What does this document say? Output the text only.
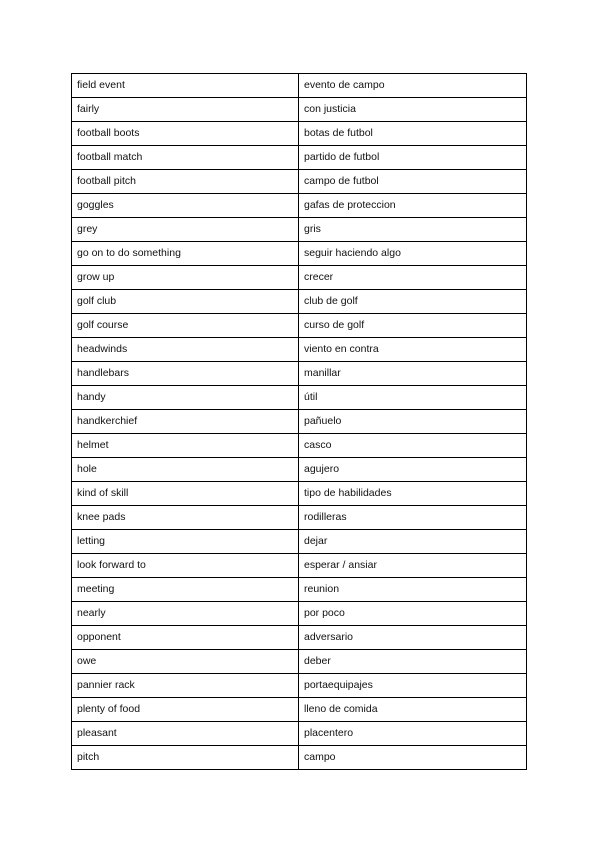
field event	evento de campo
fairly	con justicia
football boots	botas de futbol
football match	partido de futbol
football pitch	campo de futbol
goggles	gafas de proteccion
grey	gris
go on to do something	seguir haciendo algo
grow up	crecer
golf club	club de golf
golf course	curso de golf
headwinds	viento en contra
handlebars	manillar
handy	útil
handkerchief	pañuelo
helmet	casco
hole	agujero
kind of skill	tipo de habilidades
knee pads	rodilleras
letting	dejar
look forward to	esperar / ansiar
meeting	reunion
nearly	por poco
opponent	adversario
owe	deber
pannier rack	portaequipajes
plenty of food	lleno de comida
pleasant	placentero
pitch	campo
